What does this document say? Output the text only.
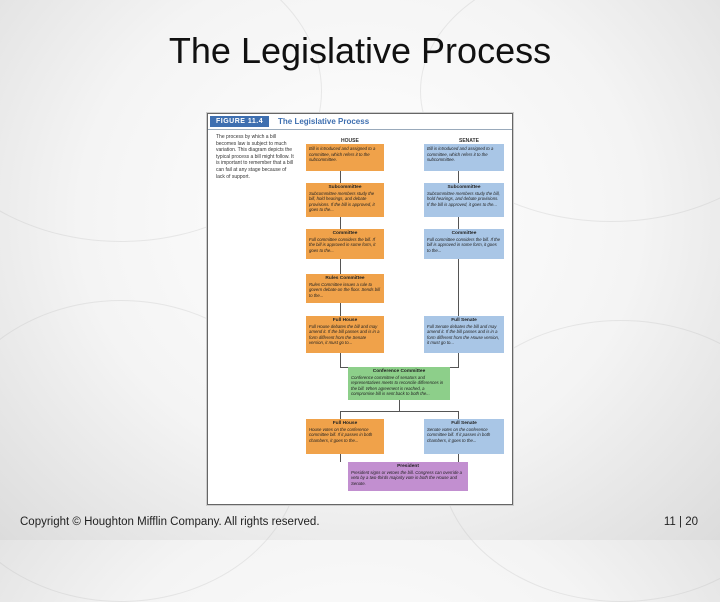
The Legislative Process
FIGURE 11.4	The Legislative Process
The process by which a bill becomes law is subject to much variation. This diagram depicts the typical process a bill might follow. It is important to remember that a bill can fail at any stage because of lack of support.
HOUSE	SENATE
Bill is introduced and assigned to a committee, which refers it to the subcommittee.
Subcommittee
Subcommittee members study the bill, hold hearings, and debate provisions. If the bill is approved, it goes to the...
Committee
Full committee considers the bill. If the bill is approved in some form, it goes to the...
Rules Committee
Rules Committee issues a rule to govern debate on the floor. Sends bill to the...
Full House
Full House debates the bill and may amend it. If the bill passes and is in a form different from the Senate version, it must go to...
Bill is introduced and assigned to a committee, which refers it to the subcommittee.
Subcommittee
Subcommittee members study the bill, hold hearings, and debate provisions. If the bill is approved, it goes to the...
Committee
Full committee considers the bill. If the bill is approved in some form, it goes to the...
Full Senate
Full Senate debates the bill and may amend it. If the bill passes and is in a form different from the House version, it must go to...
Conference Committee
Conference committee of senators and representatives meets to reconcile differences in the bill. When agreement is reached, a compromise bill is sent back to both the...
Full House
House votes on the conference committee bill. If it passes in both chambers, it goes to the...
Full Senate
Senate votes on the conference committee bill. If it passes in both chambers, it goes to the...
President
President signs or vetoes the bill. Congress can override a veto by a two-thirds majority vote in both the House and Senate.
Copyright © Houghton Mifflin Company. All rights reserved.	11 | 20
